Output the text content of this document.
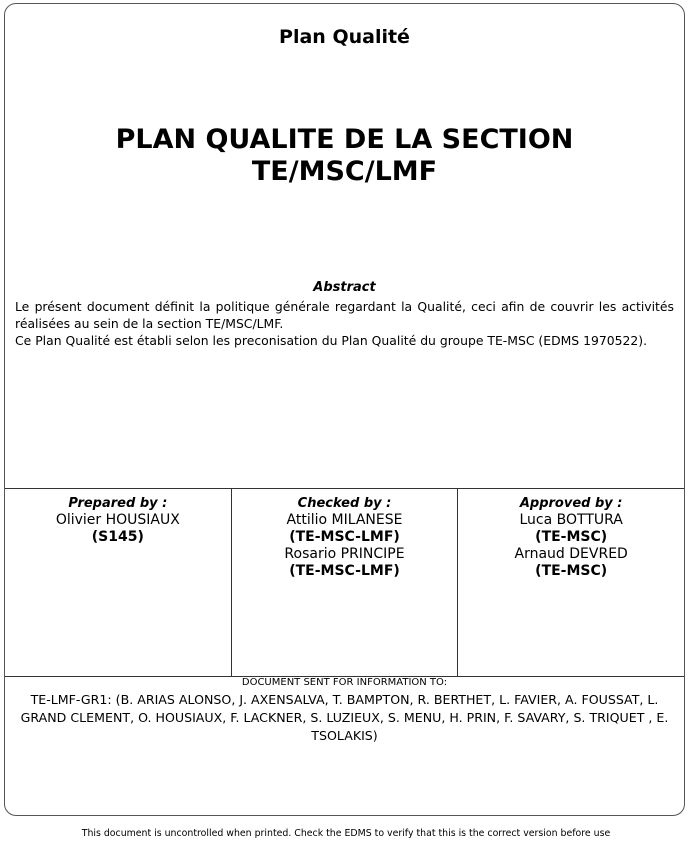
Plan Qualité
PLAN QUALITE DE LA SECTION
TE/MSC/LMF
Abstract

Le présent document définit la politique générale regardant la Qualité, ceci afin de couvrir les activités réalisées au sein de la section TE/MSC/LMF.

Ce Plan Qualité est établi selon les preconisation du Plan Qualité du groupe TE-MSC (EDMS 1970522).

Prepared by :
Olivier HOUSIAUX
(S145)
Checked by :
Attilio MILANESE
(TE-MSC-LMF)
Rosario PRINCIPE
(TE-MSC-LMF)
Approved by :
Luca BOTTURA
(TE-MSC)
Arnaud DEVRED
(TE-MSC)
DOCUMENT SENT FOR INFORMATION TO:
TE-LMF-GR1: (B. ARIAS ALONSO, J. AXENSALVA, T. BAMPTON, R. BERTHET, L. FAVIER, A. FOUSSAT, L. GRAND CLEMENT, O. HOUSIAUX, F. LACKNER, S. LUZIEUX, S. MENU, H. PRIN, F. SAVARY, S. TRIQUET , E. TSOLAKIS)
This document is uncontrolled when printed. Check the EDMS to verify that this is the correct version before use
